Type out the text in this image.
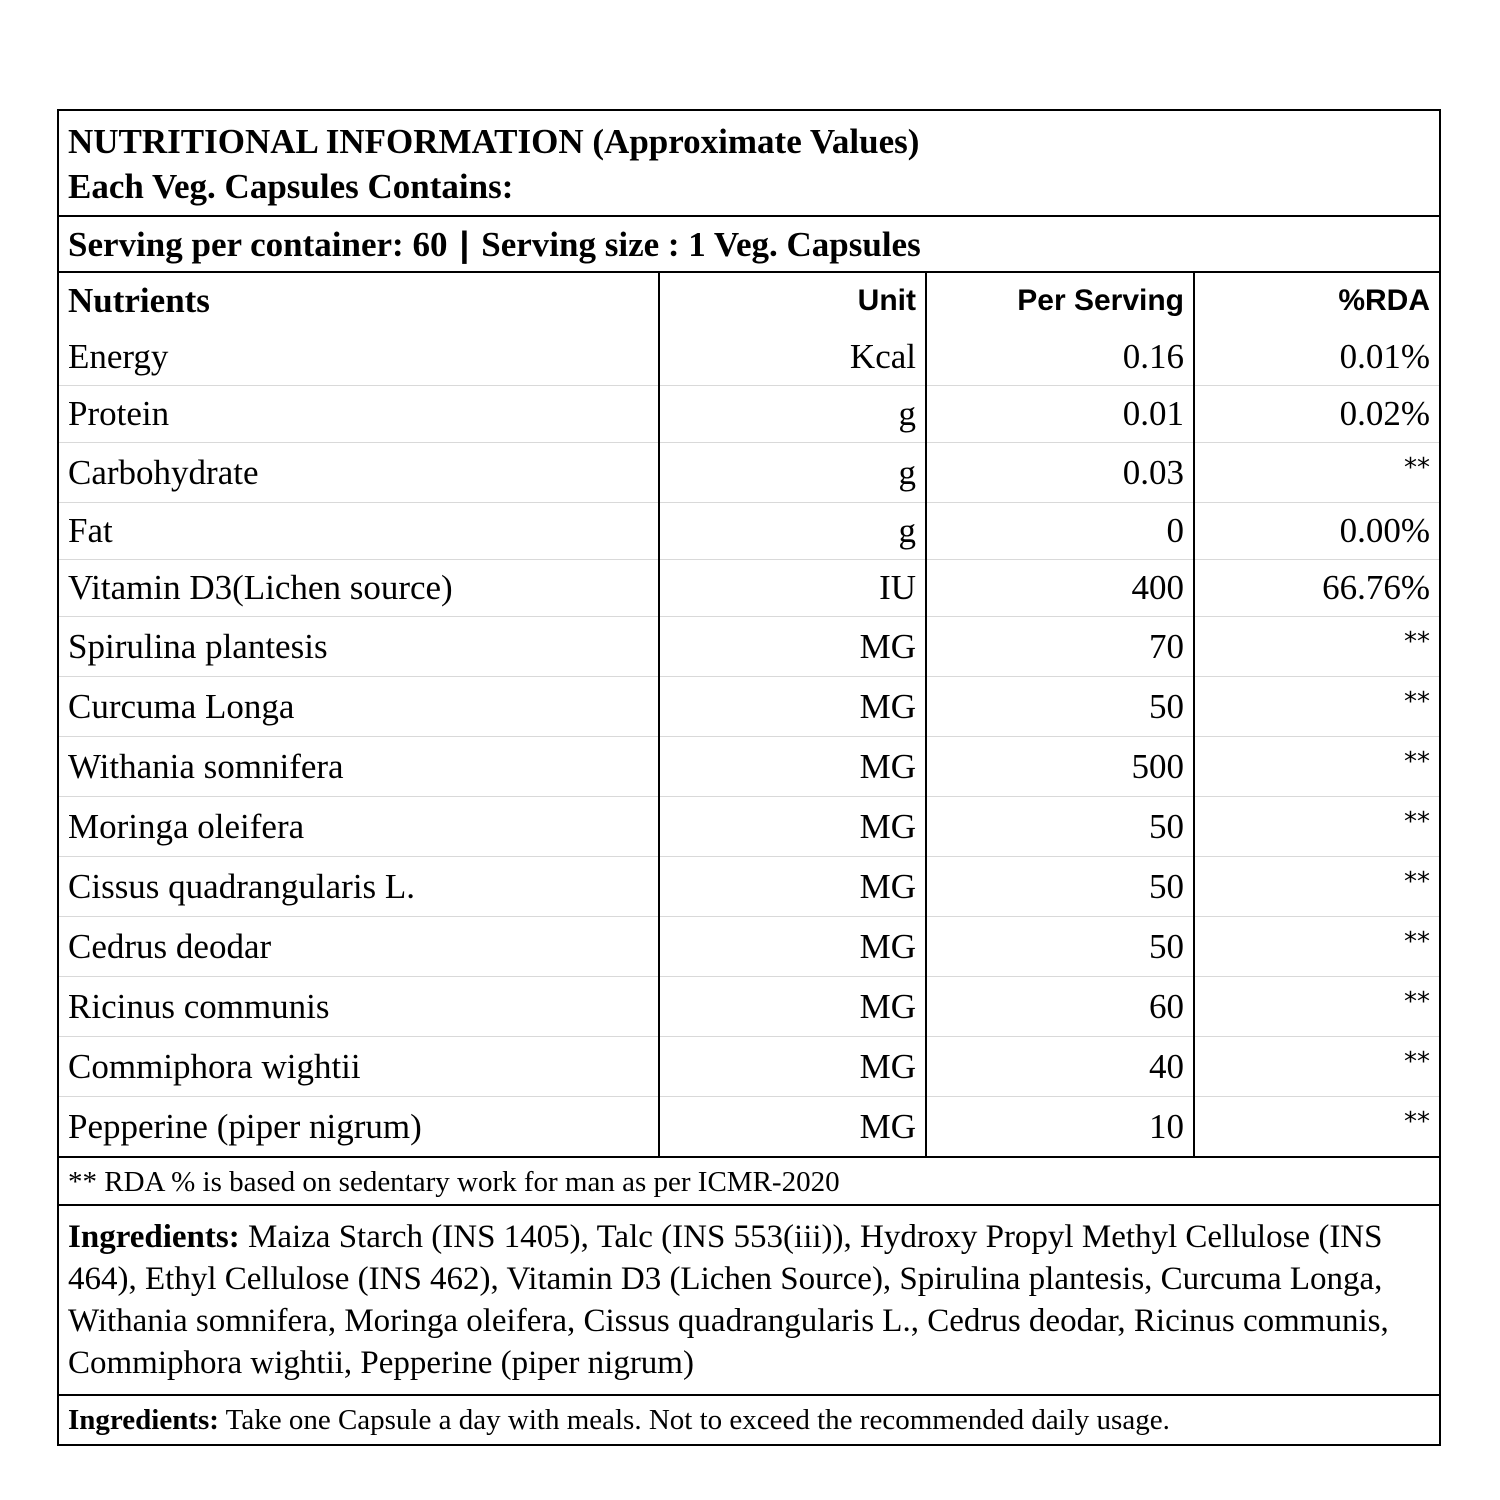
NUTRITIONAL INFORMATION (Approximate Values)
Each Veg. Capsules Contains:
Serving per container: 60 | Serving size : 1 Veg. Capsules
Nutrients	Unit	Per Serving	%RDA
Energy	Kcal	0.16	0.01%
Protein	g	0.01	0.02%
Carbohydrate	g	0.03	**
Fat	g	0	0.00%
Vitamin D3(Lichen source)	IU	400	66.76%
Spirulina plantesis	MG	70	**
Curcuma Longa	MG	50	**
Withania somnifera	MG	500	**
Moringa oleifera	MG	50	**
Cissus quadrangularis L.	MG	50	**
Cedrus deodar	MG	50	**
Ricinus communis	MG	60	**
Commiphora wightii	MG	40	**
Pepperine (piper nigrum)	MG	10	**
** RDA % is based on sedentary work for man as per ICMR-2020
Ingredients: Maiza Starch (INS 1405), Talc (INS 553(iii)), Hydroxy Propyl Methyl Cellulose (INS 464), Ethyl Cellulose (INS 462), Vitamin D3 (Lichen Source), Spirulina plantesis, Curcuma Longa, Withania somnifera, Moringa oleifera, Cissus quadrangularis L., Cedrus deodar, Ricinus communis, Commiphora wightii, Pepperine (piper nigrum)
Ingredients: Take one Capsule a day with meals. Not to exceed the recommended daily usage.
